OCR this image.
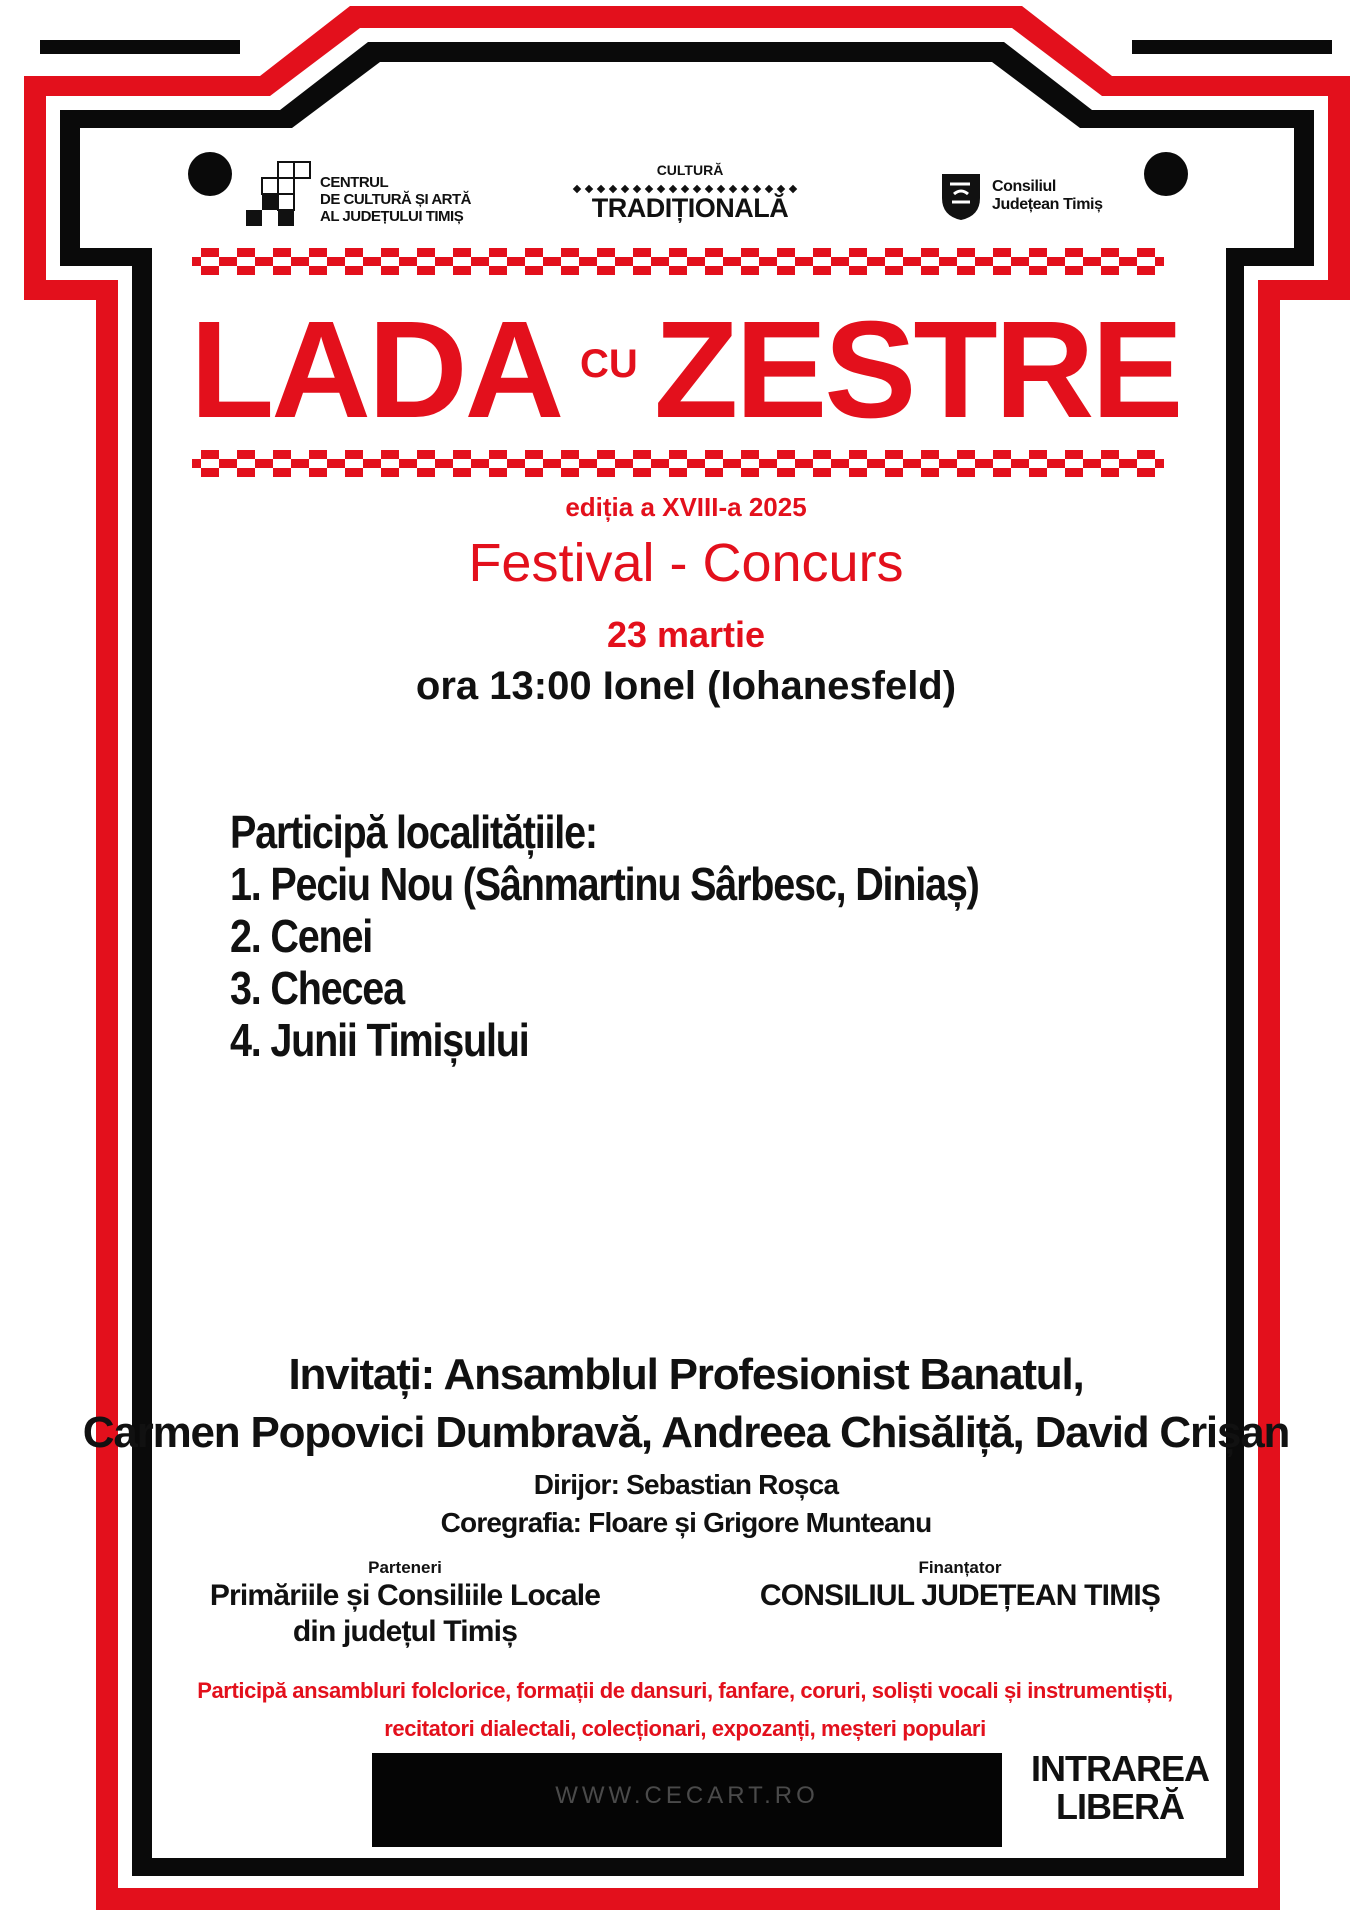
CENTRUL
DE CULTURĂ ȘI ARTĂ
AL JUDEȚULUI TIMIȘ
CULTURĂ
TRADIȚIONALĂ
Consiliul
Județean Timiș
LADA CU ZESTRE
ediția a XVIII-a 2025
Festival - Concurs
23 martie
ora 13:00 Ionel (Iohanesfeld)
Participă localitățiile:
1. Peciu Nou (Sânmartinu Sârbesc, Diniaș)
2. Cenei
3. Checea
4. Junii Timișului
Invitați: Ansamblul Profesionist Banatul,
Carmen Popovici Dumbravă, Andreea Chisăliță, David Crișan
Dirijor: Sebastian Roșca
Coregrafia: Floare și Grigore Munteanu
Parteneri
Primăriile și Consiliile Locale
din județul Timiș
Finanțator
CONSILIUL JUDEȚEAN TIMIȘ
Participă ansambluri folclorice, formații de dansuri, fanfare, coruri, soliști vocali și instrumentiști,
recitatori dialectali, colecționari, expozanți, meșteri populari
WWW.CECART.RO
INTRAREA
LIBERĂ
